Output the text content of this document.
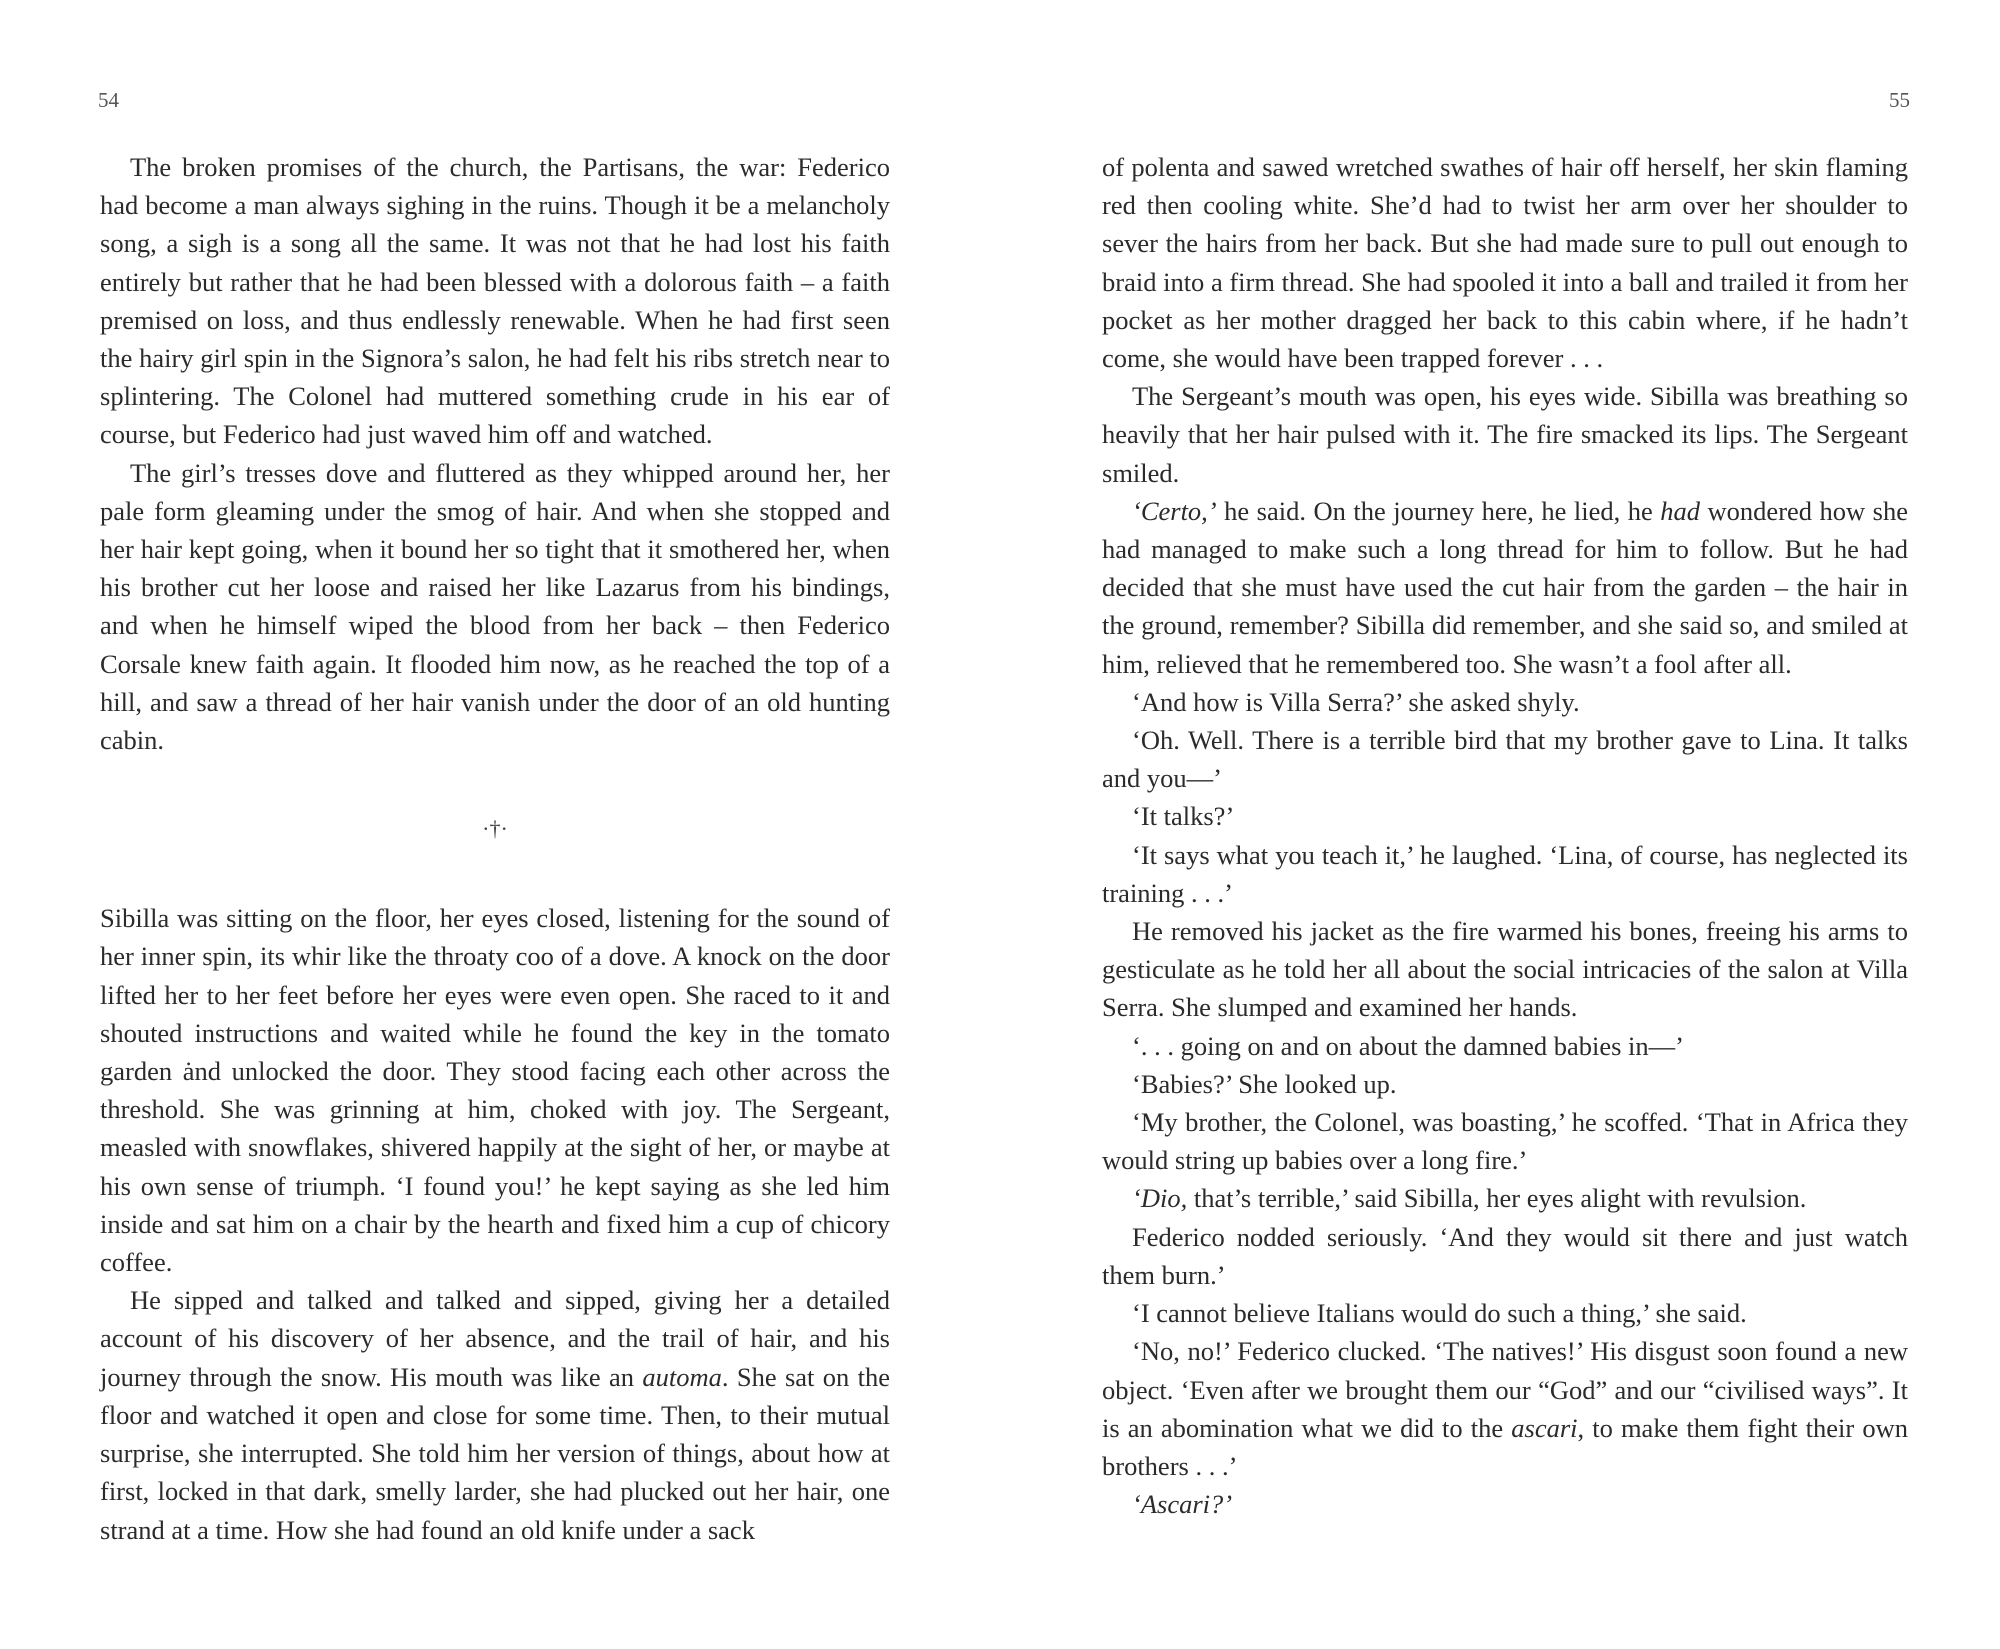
54

The broken promises of the church, the Partisans, the war: Federico had become a man always sighing in the ruins. Though it be a melancholy song, a sigh is a song all the same. It was not that he had lost his faith entirely but rather that he had been blessed with a dolorous faith – a faith premised on loss, and thus endlessly renewable. When he had first seen the hairy girl spin in the Signora’s salon, he had felt his ribs stretch near to splintering. The Colonel had muttered something crude in his ear of course, but Federico had just waved him off and watched.

The girl’s tresses dove and fluttered as they whipped around her, her pale form gleaming under the smog of hair. And when she stopped and her hair kept going, when it bound her so tight that it smothered her, when his brother cut her loose and raised her like Lazarus from his bindings, and when he himself wiped the blood from her back – then Federico Corsale knew faith again. It flooded him now, as he reached the top of a hill, and saw a thread of her hair vanish under the door of an old hunting cabin.

·†·

Sibilla was sitting on the floor, her eyes closed, listening for the sound of her inner spin, its whir like the throaty coo of a dove. A knock on the door lifted her to her feet before her eyes were even open. She raced to it and shouted instructions and waited while he found the key in the tomato garden ȧnd unlocked the door. They stood facing each other across the threshold. She was grinning at him, choked with joy. The Sergeant, measled with snowflakes, shivered happily at the sight of her, or maybe at his own sense of triumph. ‘I found you!’ he kept saying as she led him inside and sat him on a chair by the hearth and fixed him a cup of chicory coffee.

He sipped and talked and talked and sipped, giving her a detailed account of his discovery of her absence, and the trail of hair, and his journey through the snow. His mouth was like an automa. She sat on the floor and watched it open and close for some time. Then, to their mutual surprise, she interrupted. She told him her version of things, about how at first, locked in that dark, smelly larder, she had plucked out her hair, one strand at a time. How she had found an old knife under a sack

55

of polenta and sawed wretched swathes of hair off herself, her skin flaming red then cooling white. She’d had to twist her arm over her shoulder to sever the hairs from her back. But she had made sure to pull out enough to braid into a firm thread. She had spooled it into a ball and trailed it from her pocket as her mother dragged her back to this cabin where, if he hadn’t come, she would have been trapped forever . . .

The Sergeant’s mouth was open, his eyes wide. Sibilla was breathing so heavily that her hair pulsed with it. The fire smacked its lips. The Sergeant smiled.

‘Certo,’ he said. On the journey here, he lied, he had wondered how she had managed to make such a long thread for him to follow. But he had decided that she must have used the cut hair from the garden – the hair in the ground, remember? Sibilla did remember, and she said so, and smiled at him, relieved that he remembered too. She wasn’t a fool after all.

‘And how is Villa Serra?’ she asked shyly.

‘Oh. Well. There is a terrible bird that my brother gave to Lina. It talks and you—’

‘It talks?’

‘It says what you teach it,’ he laughed. ‘Lina, of course, has neglected its training . . .’

He removed his jacket as the fire warmed his bones, freeing his arms to gesticulate as he told her all about the social intricacies of the salon at Villa Serra. She slumped and examined her hands.

‘. . . going on and on about the damned babies in—’

‘Babies?’ She looked up.

‘My brother, the Colonel, was boasting,’ he scoffed. ‘That in Africa they would string up babies over a long fire.’

‘Dio, that’s terrible,’ said Sibilla, her eyes alight with revulsion.

Federico nodded seriously. ‘And they would sit there and just watch them burn.’

‘I cannot believe Italians would do such a thing,’ she said.

‘No, no!’ Federico clucked. ‘The natives!’ His disgust soon found a new object. ‘Even after we brought them our “God” and our “civilised ways”. It is an abomination what we did to the ascari, to make them fight their own brothers . . .’

‘Ascari?’
